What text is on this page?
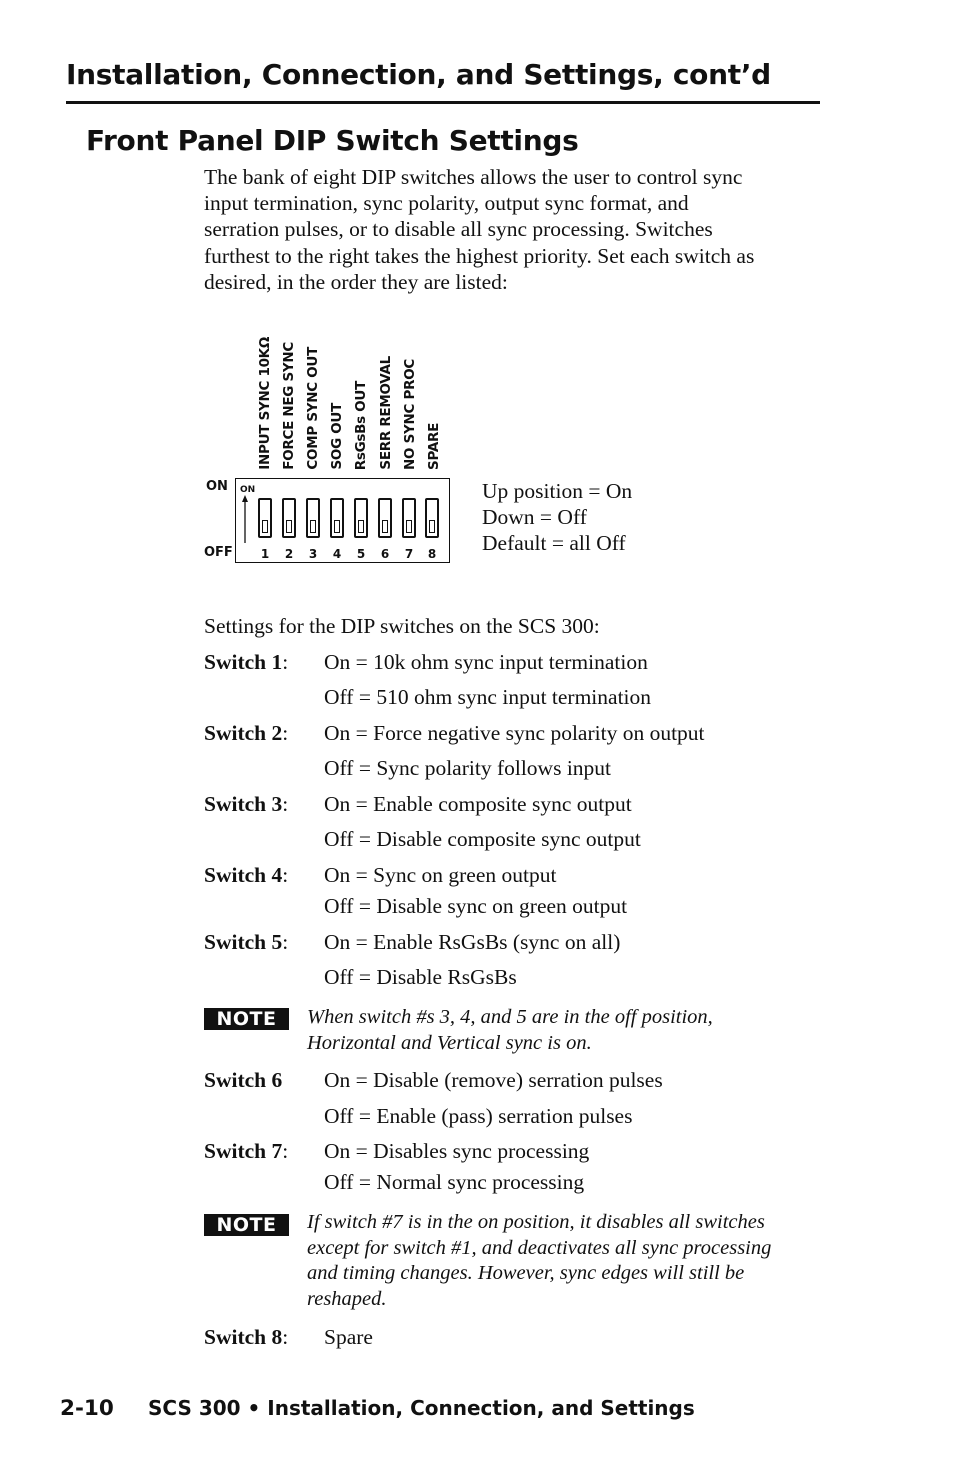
Installation, Connection, and Settings, cont’d
Front Panel DIP Switch Settings

The bank of eight DIP switches allows the user to control sync

input termination, sync polarity, output sync format, and

serration pulses, or to disable all sync processing. Switches

furthest to the right takes the highest priority. Set each switch as

desired, in the order they are listed:

INPUT SYNC 10KΩ FORCE NEG SYNC COMP SYNC OUT SOG OUT RsGsBs OUT SERR REMOVAL NO SYNC PROC SPARE
ON
OFF
ON
1 2 3 4 5 6 7 8
Up position = On
Down = Off
Default = all Off
Settings for the DIP switches on the SCS 300:
Switch 1: On = 10k ohm sync input termination
Off = 510 ohm sync input termination
Switch 2: On = Force negative sync polarity on output
Off = Sync polarity follows input
Switch 3: On = Enable composite sync output
Off = Disable composite sync output
Switch 4: On = Sync on green output
Off = Disable sync on green output
Switch 5: On = Enable RsGsBs (sync on all)
Off = Disable RsGsBs
NOTE	When switch #s 3, 4, and 5 are in the off position,

Horizontal and Vertical sync is on.

Switch 6 On = Disable (remove) serration pulses
Off = Enable (pass) serration pulses
Switch 7: On = Disables sync processing
Off = Normal sync processing
NOTE	If switch #7 is in the on position, it disables all switches

except for switch #1, and deactivates all sync processing

and timing changes. However, sync edges will still be

reshaped.

Switch 8: Spare
2-10 SCS 300 • Installation, Connection, and Settings
